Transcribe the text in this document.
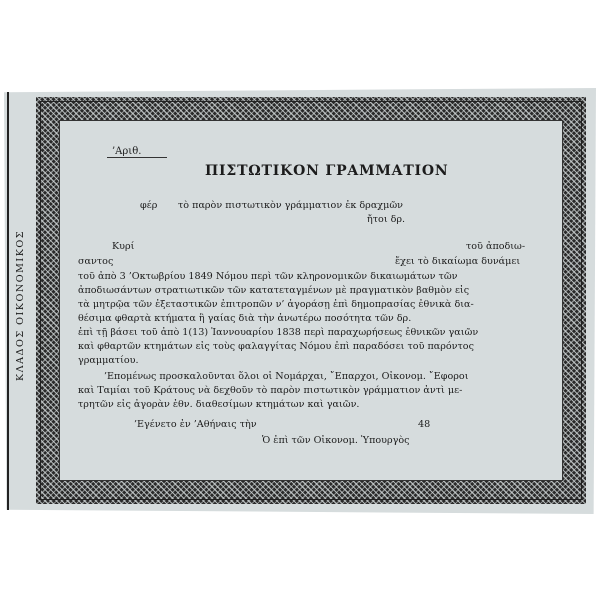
ΚΛΑΔΟΣ ΟΙΚΟΝΟΜΙΚΟΣ
’Αριθ.
ΠΙΣΤΩΤΙΚΟΝ ΓΡΑΜΜΑΤΙΟΝ
φέρ τὸ παρὸν πιστωτικὸν γράμματιον ἐκ δραχμῶν
ἤτοι δρ.
Κυρί	τοῦ ἀποδιω-
σαντος	ἔχει τὸ δικαίωμα δυνάμει
τοῦ ἀπὸ 3 ’Οκτωβρίου 1849 Νόμου περὶ τῶν κληρονομικῶν δικαιωμάτων τῶν
ἀποδιωσάντων στρατιωτικῶν τῶν κατατεταγμένων μὲ πραγματικὸν βαθμὸν εἰς
τὰ μητρῷα τῶν ἐξεταστικῶν ἐπιτροπῶν ν’ ἀγοράσῃ ἐπὶ δημοπρασίας ἐθνικὰ δια-
θέσιμα φθαρτὰ κτήματα ἢ γαίας διὰ τὴν ἀνωτέρω ποσότητα τῶν δρ.
ἐπὶ τῇ βάσει τοῦ ἀπὸ 1(13) Ἰαννουαρίου 1838 περὶ παραχωρήσεως ἐθνικῶν γαιῶν
καὶ φθαρτῶν κτημάτων εἰς τοὺς φαλαγγίτας Νόμου ἐπὶ παραδόσει τοῦ παρόντος
γραμματίου.
’Επομένως προσκαλοῦνται ὅλοι οἱ Νομάρχαι, ῎Επαρχοι, Οἰκονομ. ῎Εφοροι
καὶ Ταμίαι τοῦ Κράτους νὰ δεχθοῦν τὸ παρὸν πιστωτικὸν γράμματιον ἀντὶ με-
τρητῶν εἰς ἀγορὰν ἐθν. διαθεσίμων κτημάτων καὶ γαιῶν.
’Εγένετο ἐν ’Αθήναις τὴν	48
Ὁ ἐπὶ τῶν Οἰκονομ. Ὑπουργὸς
